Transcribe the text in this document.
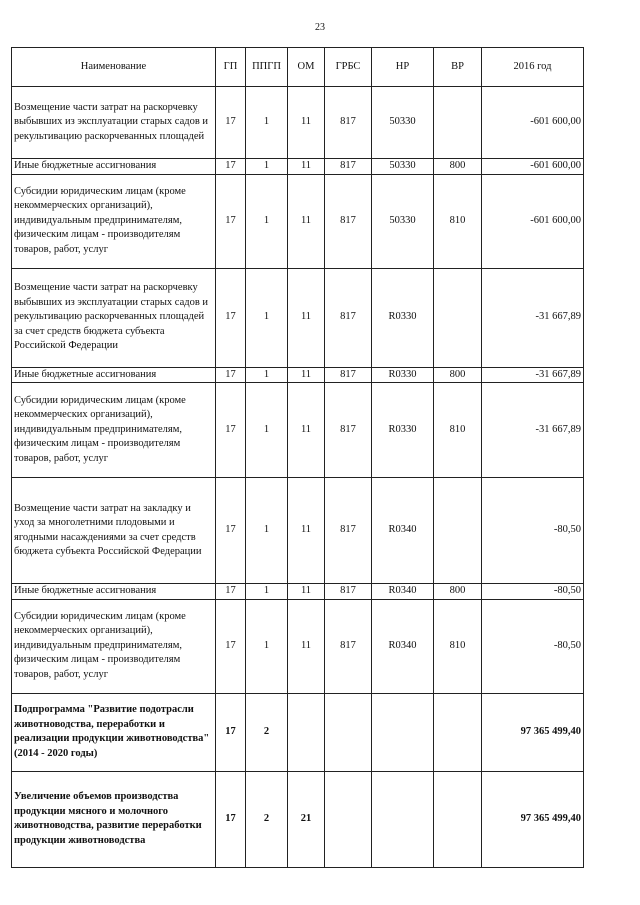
23
Наименование	ГП	ППГП	ОМ	ГРБС	НР	ВР	2016 год
Возмещение части затрат на раскорчевку выбывших из эксплуатации старых садов и рекультивацию раскорчеванных площадей	17	1	11	817	50330		-601 600,00
Иные бюджетные ассигнования	17	1	11	817	50330	800	-601 600,00
Субсидии юридическим лицам (кроме некоммерческих организаций), индивидуальным предпринимателям, физическим лицам - производителям товаров, работ, услуг	17	1	11	817	50330	810	-601 600,00
Возмещение части затрат на раскорчевку выбывших из эксплуатации старых садов и рекультивацию раскорчеванных площадей за счет средств бюджета субъекта Российской Федерации	17	1	11	817	R0330		-31 667,89
Иные бюджетные ассигнования	17	1	11	817	R0330	800	-31 667,89
Субсидии юридическим лицам (кроме некоммерческих организаций), индивидуальным предпринимателям, физическим лицам - производителям товаров, работ, услуг	17	1	11	817	R0330	810	-31 667,89
Возмещение части затрат на закладку и уход за многолетними плодовыми и ягодными насаждениями за счет средств бюджета субъекта Российской Федерации	17	1	11	817	R0340		-80,50
Иные бюджетные ассигнования	17	1	11	817	R0340	800	-80,50
Субсидии юридическим лицам (кроме некоммерческих организаций), индивидуальным предпринимателям, физическим лицам - производителям товаров, работ, услуг	17	1	11	817	R0340	810	-80,50
Подпрограмма "Развитие подотрасли животноводства, переработки и реализации продукции животноводства" (2014 - 2020 годы)	17	2					97 365 499,40
Увеличение объемов производства продукции мясного и молочного животноводства, развитие переработки продукции животноводства	17	2	21				97 365 499,40
